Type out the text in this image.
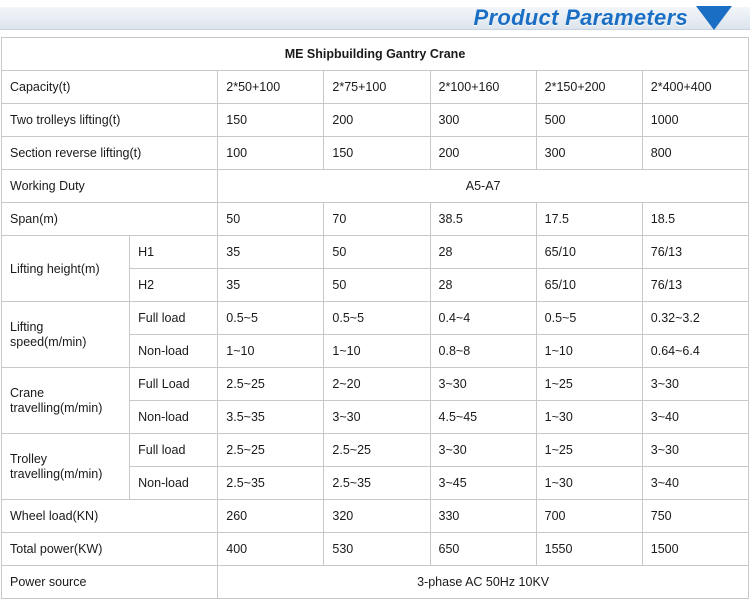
Product Parameters
ME Shipbuilding Gantry Crane						
Capacity(t)		2*50+100	2*75+100	2*100+160	2*150+200	2*400+400
Two trolleys lifting(t)		150	200	300	500	1000
Section reverse lifting(t)		100	150	200	300	800
Working Duty		A5-A7				
Span(m)		50	70	38.5	17.5	18.5
Lifting height(m)	H1	35	50	28	65/10	76/13
	H2	35	50	28	65/10	76/13
Lifting speed(m/min)	Full load	0.5~5	0.5~5	0.4~4	0.5~5	0.32~3.2
	Non-load	1~10	1~10	0.8~8	1~10	0.64~6.4
Crane travelling(m/min)	Full Load	2.5~25	2~20	3~30	1~25	3~30
	Non-load	3.5~35	3~30	4.5~45	1~30	3~40
Trolley travelling(m/min)	Full load	2.5~25	2.5~25	3~30	1~25	3~30
	Non-load	2.5~35	2.5~35	3~45	1~30	3~40
Wheel load(KN)		260	320	330	700	750
Total power(KW)		400	530	650	1550	1500
Power source		3-phase AC 50Hz 10KV				
